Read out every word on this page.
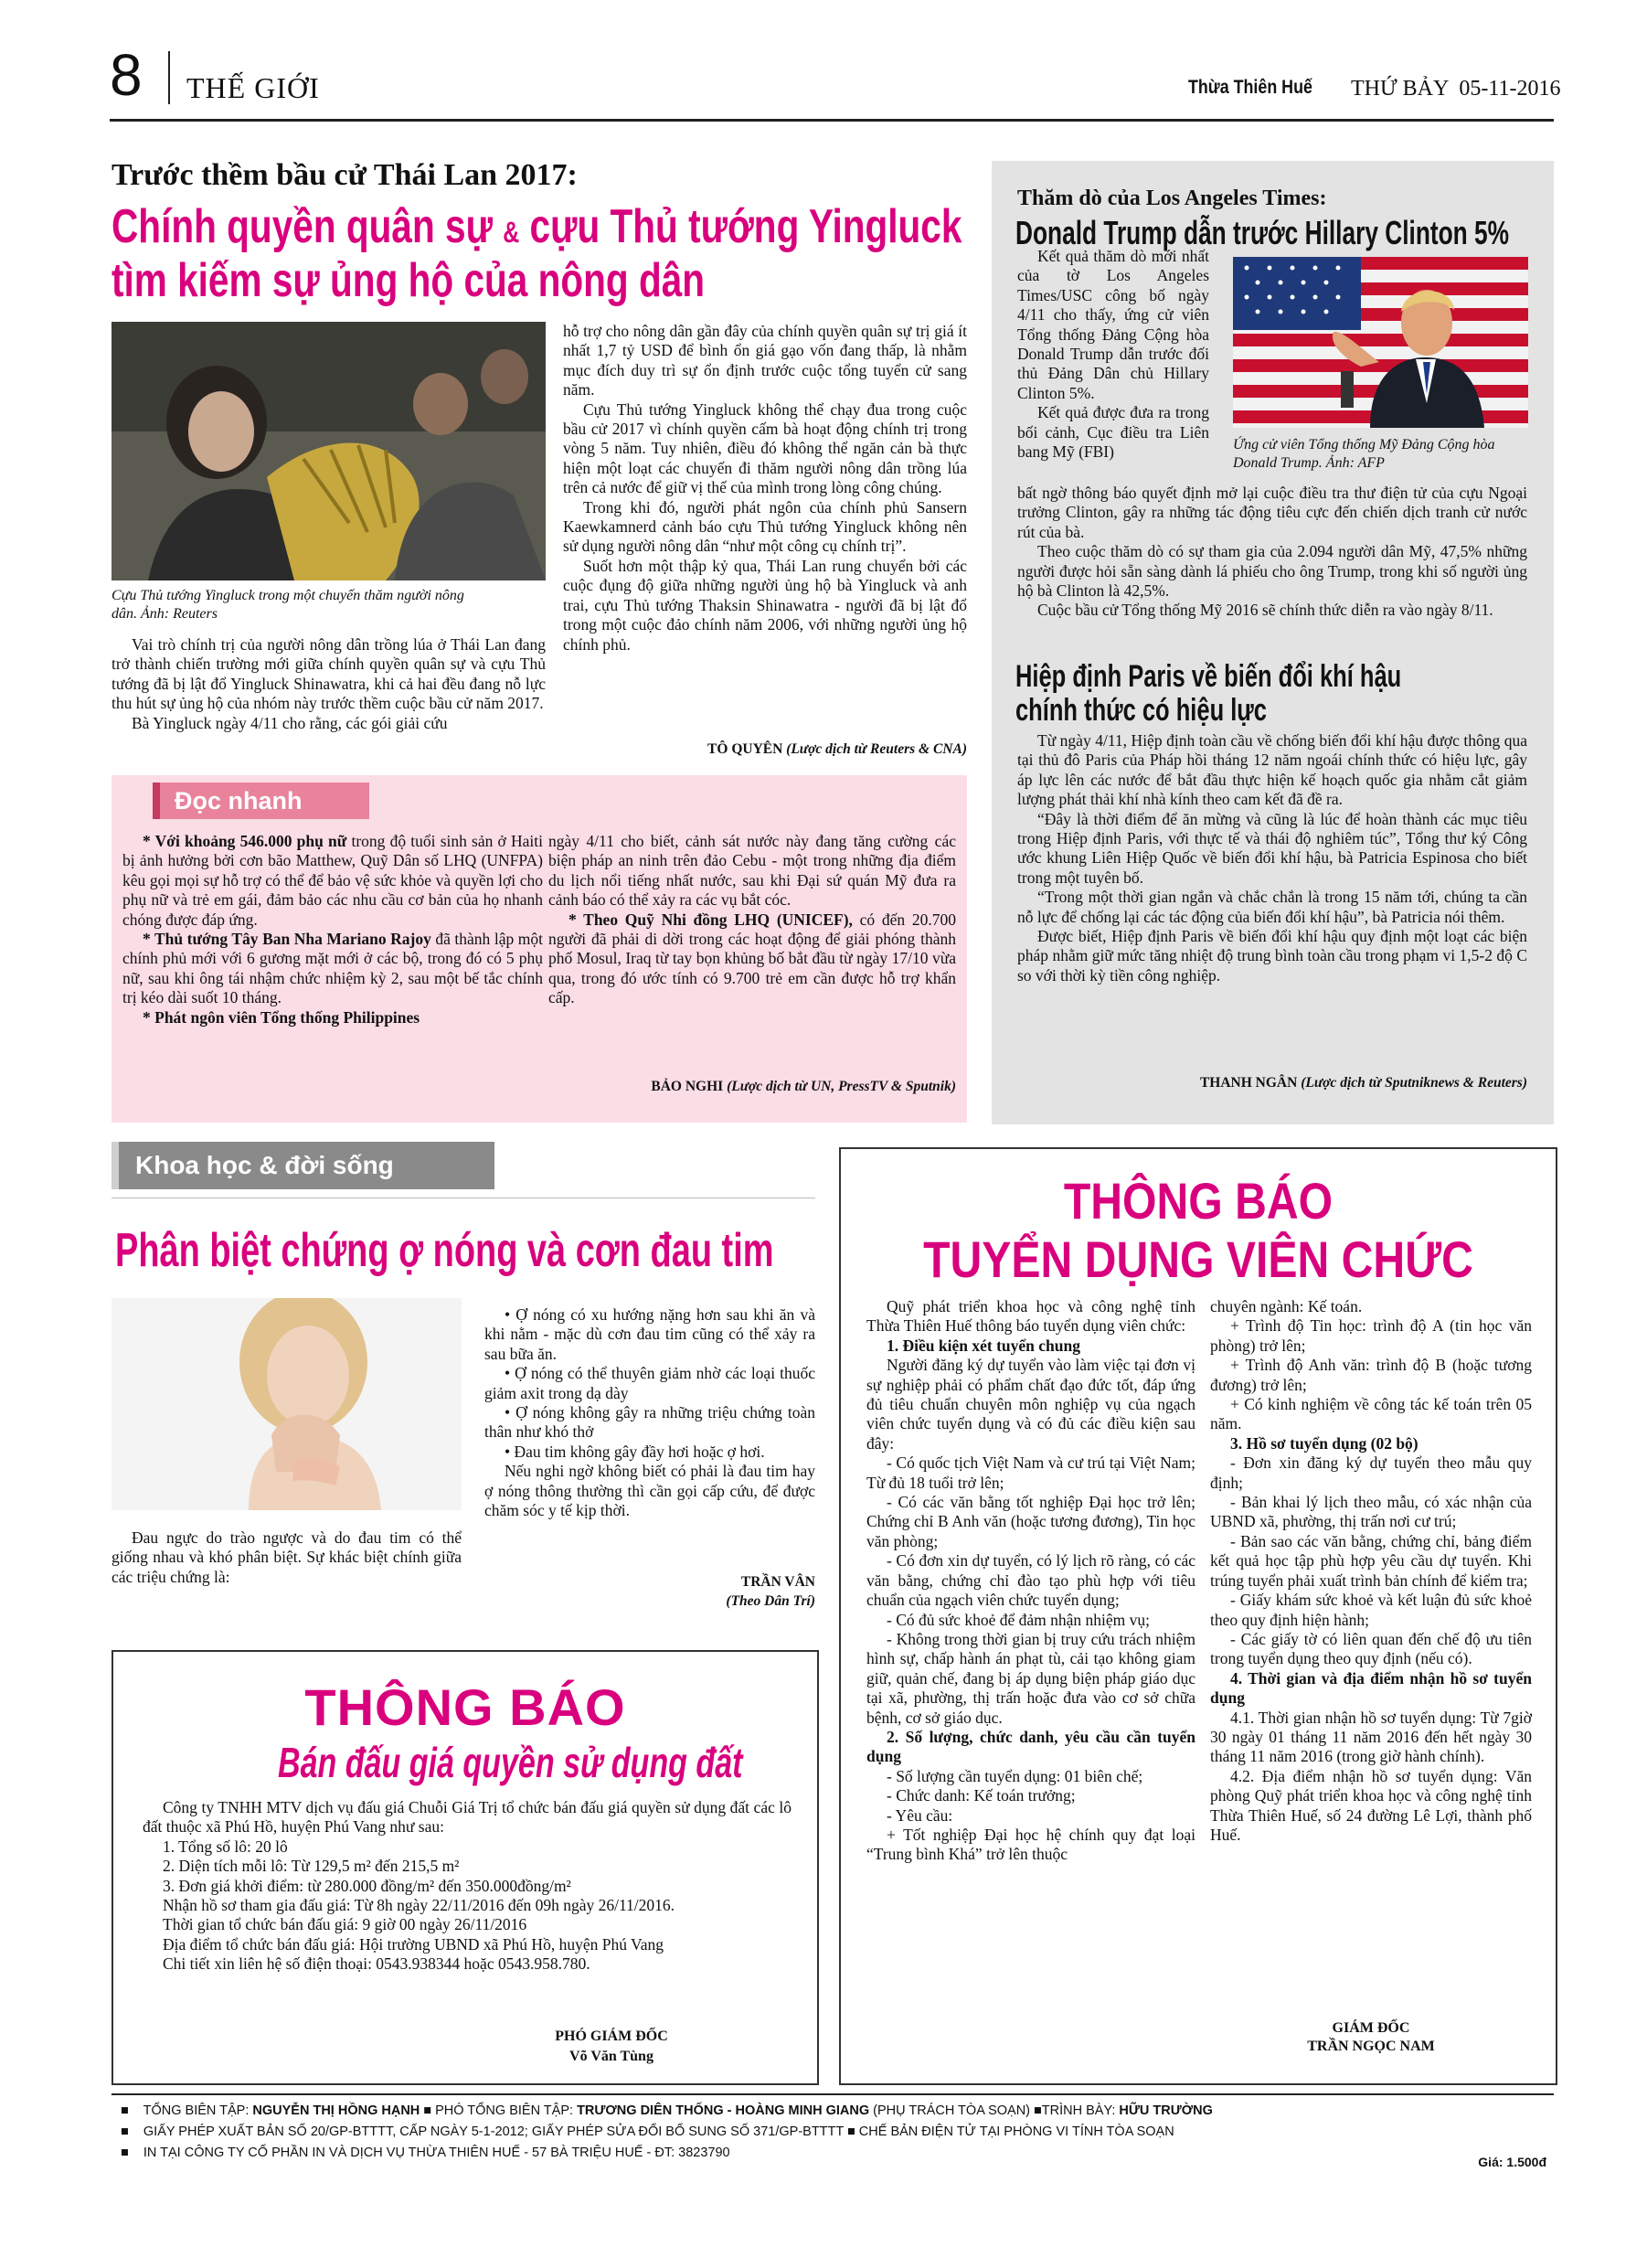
8 THẾ GIỚI	Thừa Thiên Huế THỨ BẢY  05-11-2016
Trước thềm bầu cử Thái Lan 2017:
Chính quyền quân sự & cựu Thủ tướng Yingluck
tìm kiếm sự ủng hộ của nông dân
Cựu Thủ tướng Yingluck trong một chuyến thăm người nông dân. Ảnh: Reuters

Vai trò chính trị của người nông dân trồng lúa ở Thái Lan đang trở thành chiến trường mới giữa chính quyền quân sự và cựu Thủ tướng đã bị lật đổ Yingluck Shinawatra, khi cả hai đều đang nỗ lực thu hút sự ủng hộ của nhóm này trước thềm cuộc bầu cử năm 2017.

Bà Yingluck ngày 4/11 cho rằng, các gói giải cứu

hỗ trợ cho nông dân gần đây của chính quyền quân sự trị giá ít nhất 1,7 tỷ USD để bình ổn giá gạo vốn đang thấp, là nhằm mục đích duy trì sự ổn định trước cuộc tổng tuyển cử sang năm.

Cựu Thủ tướng Yingluck không thể chạy đua trong cuộc bầu cử 2017 vì chính quyền cấm bà hoạt động chính trị trong vòng 5 năm. Tuy nhiên, điều đó không thể ngăn cản bà thực hiện một loạt các chuyến đi thăm người nông dân trồng lúa trên cả nước để giữ vị thế của mình trong lòng công chúng.

Trong khi đó, người phát ngôn của chính phủ Sansern Kaewkamnerd cảnh báo cựu Thủ tướng Yingluck không nên sử dụng người nông dân “như một công cụ chính trị”.

Suốt hơn một thập kỷ qua, Thái Lan rung chuyển bởi các cuộc đụng độ giữa những người ủng hộ bà Yingluck và anh trai, cựu Thủ tướng Thaksin Shinawatra - người đã bị lật đổ trong một cuộc đảo chính năm 2006, với những người ủng hộ chính phủ.

TÔ QUYÊN (Lược dịch từ Reuters & CNA)
Đọc nhanh

* Với khoảng 546.000 phụ nữ trong độ tuổi sinh sản ở Haiti bị ảnh hưởng bởi cơn bão Matthew, Quỹ Dân số LHQ (UNFPA) kêu gọi mọi sự hỗ trợ có thể để bảo vệ sức khỏe và quyền lợi cho phụ nữ và trẻ em gái, đảm bảo các nhu cầu cơ bản của họ nhanh chóng được đáp ứng.

* Thủ tướng Tây Ban Nha Mariano Rajoy đã thành lập một chính phủ mới với 6 gương mặt mới ở các bộ, trong đó có 5 phụ nữ, sau khi ông tái nhậm chức nhiệm kỳ 2, sau một bế tắc chính trị kéo dài suốt 10 tháng.

* Phát ngôn viên Tổng thống Philippines

ngày 4/11 cho biết, cảnh sát nước này đang tăng cường các biện pháp an ninh trên đảo Cebu - một trong những địa điểm du lịch nổi tiếng nhất nước, sau khi Đại sứ quán Mỹ đưa ra cảnh báo có thể xảy ra các vụ bắt cóc.

* Theo Quỹ Nhi đồng LHQ (UNICEF), có đến 20.700 người đã phải di dời trong các hoạt động để giải phóng thành phố Mosul, Iraq từ tay bọn khủng bố bắt đầu từ ngày 17/10 vừa qua, trong đó ước tính có 9.700 trẻ em cần được hỗ trợ khẩn cấp.

BẢO NGHI (Lược dịch từ UN, PressTV & Sputnik)
Thăm dò của Los Angeles Times:
Donald Trump dẫn trước Hillary Clinton 5%

Kết quả thăm dò mới nhất của tờ Los Angeles Times/USC công bố ngày 4/11 cho thấy, ứng cử viên Tổng thống Đảng Cộng hòa Donald Trump dẫn trước đối thủ Đảng Dân chủ Hillary Clinton 5%.

Kết quả được đưa ra trong bối cảnh, Cục điều tra Liên bang Mỹ (FBI)	Ứng cử viên Tổng thống Mỹ Đảng Cộng hòa Donald Trump. Ảnh: AFP

bất ngờ thông báo quyết định mở lại cuộc điều tra thư điện tử của cựu Ngoại trưởng Clinton, gây ra những tác động tiêu cực đến chiến dịch tranh cử nước rút của bà.

Theo cuộc thăm dò có sự tham gia của 2.094 người dân Mỹ, 47,5% những người được hỏi sẵn sàng dành lá phiếu cho ông Trump, trong khi số người ủng hộ bà Clinton là 42,5%.

Cuộc bầu cử Tổng thống Mỹ 2016 sẽ chính thức diễn ra vào ngày 8/11.

Hiệp định Paris về biến đổi khí hậu
chính thức có hiệu lực

Từ ngày 4/11, Hiệp định toàn cầu về chống biến đổi khí hậu được thông qua tại thủ đô Paris của Pháp hồi tháng 12 năm ngoái chính thức có hiệu lực, gây áp lực lên các nước để bắt đầu thực hiện kế hoạch quốc gia nhằm cắt giảm lượng phát thải khí nhà kính theo cam kết đã đề ra.

“Đây là thời điểm để ăn mừng và cũng là lúc để hoàn thành các mục tiêu trong Hiệp định Paris, với thực tế và thái độ nghiêm túc”, Tổng thư ký Công ước khung Liên Hiệp Quốc về biến đổi khí hậu, bà Patricia Espinosa cho biết trong một tuyên bố.

“Trong một thời gian ngắn và chắc chắn là trong 15 năm tới, chúng ta cần nỗ lực để chống lại các tác động của biến đổi khí hậu”, bà Patricia nói thêm.

Được biết, Hiệp định Paris về biến đổi khí hậu quy định một loạt các biện pháp nhằm giữ mức tăng nhiệt độ trung bình toàn cầu trong phạm vi 1,5-2 độ C so với thời kỳ tiền công nghiệp.

THANH NGÂN (Lược dịch từ Sputniknews & Reuters)
Khoa học & đời sống
Phân biệt chứng ợ nóng và cơn đau tim
Đau ngực do trào ngược và do đau tim có thể giống nhau và khó phân biệt. Sự khác biệt chính giữa các triệu chứng là:

• Ợ nóng có xu hướng nặng hơn sau khi ăn và khi nằm - mặc dù cơn đau tim cũng có thể xảy ra sau bữa ăn.

• Ợ nóng có thể thuyên giảm nhờ các loại thuốc giảm axit trong dạ dày

• Ợ nóng không gây ra những triệu chứng toàn thân như khó thở

• Đau tim không gây đầy hơi hoặc ợ hơi.

Nếu nghi ngờ không biết có phải là đau tim hay ợ nóng thông thường thì cần gọi cấp cứu, để được chăm sóc y tế kịp thời.

TRẦN VÂN
(Theo Dân Trí)
THÔNG BÁO
Bán đấu giá quyền sử dụng đất

Công ty TNHH MTV dịch vụ đấu giá Chuỗi Giá Trị tổ chức bán đấu giá quyền sử dụng đất các lô đất thuộc xã Phú Hồ, huyện Phú Vang như sau:

1. Tổng số lô: 20 lô

2. Diện tích mỗi lô: Từ 129,5 m² đến 215,5 m²

3. Đơn giá khởi điểm: từ 280.000 đồng/m² đến 350.000đồng/m²

Nhận hồ sơ tham gia đấu giá: Từ 8h ngày 22/11/2016 đến 09h ngày 26/11/2016.

Thời gian tổ chức bán đấu giá: 9 giờ 00 ngày 26/11/2016

Địa điểm tổ chức bán đấu giá: Hội trường UBND xã Phú Hồ, huyện Phú Vang

Chi tiết xin liên hệ số điện thoại: 0543.938344 hoặc 0543.958.780.

PHÓ GIÁM ĐỐC
Võ Văn Tùng
THÔNG BÁO
TUYỂN DỤNG VIÊN CHỨC

Quỹ phát triển khoa học và công nghệ tỉnh Thừa Thiên Huế thông báo tuyển dụng viên chức:

1. Điều kiện xét tuyển chung

Người đăng ký dự tuyển vào làm việc tại đơn vị sự nghiệp phải có phẩm chất đạo đức tốt, đáp ứng đủ tiêu chuẩn chuyên môn nghiệp vụ của ngạch viên chức tuyển dụng và có đủ các điều kiện sau đây:

- Có quốc tịch Việt Nam và cư trú tại Việt Nam; Từ đủ 18 tuổi trở lên;

- Có các văn bằng tốt nghiệp Đại học trở lên; Chứng chỉ B Anh văn (hoặc tương đương), Tin học văn phòng;

- Có đơn xin dự tuyển, có lý lịch rõ ràng, có các văn bằng, chứng chỉ đào tạo phù hợp với tiêu chuẩn của ngạch viên chức tuyển dụng;

- Có đủ sức khoẻ để đảm nhận nhiệm vụ;

- Không trong thời gian bị truy cứu trách nhiệm hình sự, chấp hành án phạt tù, cải tạo không giam giữ, quản chế, đang bị áp dụng biện pháp giáo dục tại xã, phường, thị trấn hoặc đưa vào cơ sở chữa bệnh, cơ sở giáo dục.

2. Số lượng, chức danh, yêu cầu cần tuyển dụng

- Số lượng cần tuyển dụng: 01 biên chế;

- Chức danh: Kế toán trưởng;

- Yêu cầu:

+ Tốt nghiệp Đại học hệ chính quy đạt loại “Trung bình Khá” trở lên thuộc

chuyên ngành: Kế toán.

+ Trình độ Tin học: trình độ A (tin học văn phòng) trở lên;

+ Trình độ Anh văn: trình độ B (hoặc tương đương) trở lên;

+ Có kinh nghiệm về công tác kế toán trên 05 năm.

3. Hồ sơ tuyển dụng (02 bộ)

- Đơn xin đăng ký dự tuyển theo mẫu quy định;

- Bản khai lý lịch theo mẫu, có xác nhận của UBND xã, phường, thị trấn nơi cư trú;

- Bản sao các văn bằng, chứng chỉ, bảng điểm kết quả học tập phù hợp yêu cầu dự tuyển. Khi trúng tuyển phải xuất trình bản chính để kiểm tra;

- Giấy khám sức khoẻ và kết luận đủ sức khoẻ theo quy định hiện hành;

- Các giấy tờ có liên quan đến chế độ ưu tiên trong tuyển dụng theo quy định (nếu có).

4. Thời gian và địa điểm nhận hồ sơ tuyển dụng

4.1. Thời gian nhận hồ sơ tuyển dụng: Từ 7giờ 30 ngày 01 tháng 11 năm 2016 đến hết ngày 30 tháng 11 năm 2016 (trong giờ hành chính).

4.2. Địa điểm nhận hồ sơ tuyển dụng: Văn phòng Quỹ phát triển khoa học và công nghệ tỉnh Thừa Thiên Huế, số 24 đường Lê Lợi, thành phố Huế.

GIÁM ĐỐC
TRẦN NGỌC NAM
■ TỔNG BIÊN TẬP: NGUYỄN THỊ HỒNG HẠNH ■ PHÓ TỔNG BIÊN TẬP: TRƯƠNG DIÊN THỐNG - HOÀNG MINH GIANG (PHỤ TRÁCH TÒA SOẠN) ■TRÌNH BÀY: HỮU TRƯỜNG
■ GIẤY PHÉP XUẤT BẢN SỐ 20/GP-BTTTT, CẤP NGÀY 5-1-2012; GIẤY PHÉP SỬA ĐỔI BỔ SUNG SỐ 371/GP-BTTTT ■ CHẾ BẢN ĐIỆN TỬ TẠI PHÒNG VI TÍNH TÒA SOẠN
■ IN TẠI CÔNG TY CỔ PHẦN IN VÀ DỊCH VỤ THỪA THIÊN HUẾ - 57 BÀ TRIỆU HUẾ - ĐT: 3823790
Giá: 1.500đ
